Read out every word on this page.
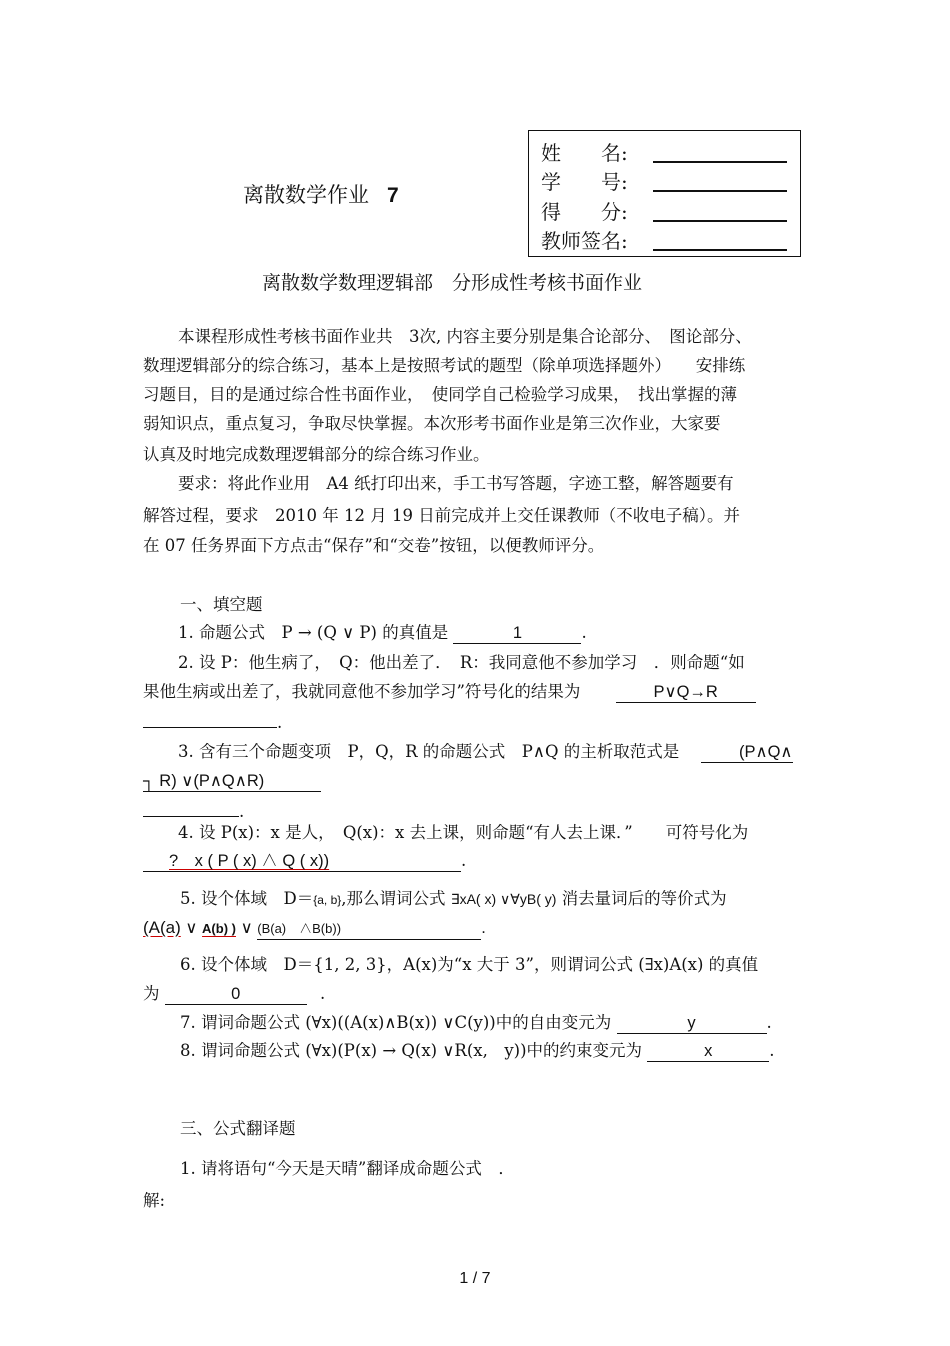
姓　　名:
学　　号:
得　　分:
教师签名:
离散数学作业 7
离散数学数理逻辑部　分形成性考核书面作业
本课程形成性考核书面作业共　3次, 内容主要分别是集合论部分、　图论部分、
数理逻辑部分的综合练习，基本上是按照考试的题型（除单项选择题外）　　安排练
习题目，目的是通过综合性书面作业，　使同学自己检验学习成果，　找出掌握的薄
弱知识点，重点复习，争取尽快掌握。本次形考书面作业是第三次作业，大家要
认真及时地完成数理逻辑部分的综合练习作业。
要求：将此作业用　A4 纸打印出来，手工书写答题，字迹工整，解答题要有
解答过程，要求　2010 年 12 月 19 日前完成并上交任课教师（不收电子稿）。并
在 07 任务界面下方点击“保存”和“交卷”按钮，以便教师评分。
一、填空题
1. 命题公式　P → (Q ∨ P) 的真值是	1	.
2. 设 P：他生病了，　Q：他出差了．　R：我同意他不参加学习　．则命题“如
果他生病或出差了，我就同意他不参加学习”符号化的结果为	P∨Q→R
.
3. 含有三个命题变项　P，Q，R 的命题公式　P∧Q 的主析取范式是	(P∧Q∧
┐ R) ∨(P∧Q∧R)
.
4. 设 P(x)：x 是人，　Q(x)：x 去上课，则命题“有人去上课．”　　可符号化为
?　x ( P ( x) ∧ Q ( x))	.
5. 设个体域　D＝{a, b},那么谓词公式 ∃xA( x) ∨∀yB( y) 消去量词后的等价式为
(A(a) ∨ A(b) ) ∨ (B(a)　∧B(b))	.
6. 设个体域　D＝{1, 2, 3}，A(x)为“x 大于 3”，则谓词公式 (∃x)A(x) 的真值
为	0	.
7. 谓词命题公式 (∀x)((A(x)∧B(x)) ∨C(y))中的自由变元为	y	.
8. 谓词命题公式 (∀x)(P(x) → Q(x) ∨R(x,　y))中的约束变元为	x	.
三、公式翻译题
1. 请将语句“今天是天晴”翻译成命题公式　．
解:
1 / 7
